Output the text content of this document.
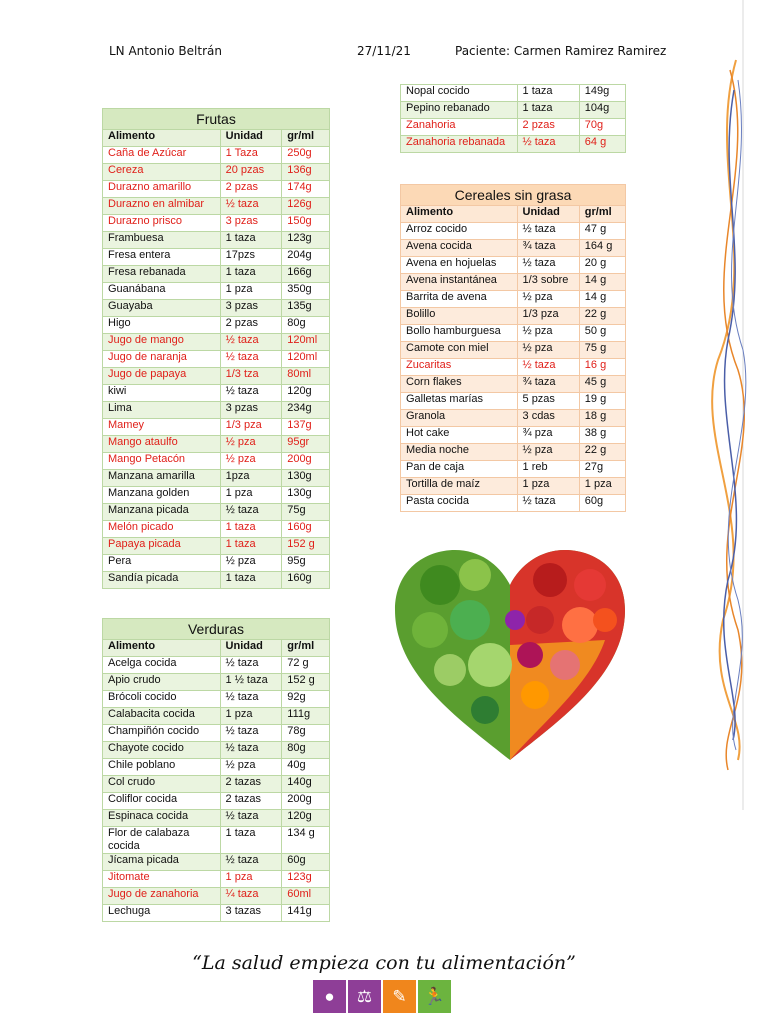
LN Antonio Beltrán	27/11/21	Paciente: Carmen Ramirez Ramirez
Frutas		
Alimento	Unidad	gr/ml
Caña de Azúcar	1 Taza	250g
Cereza	20 pzas	136g
Durazno amarillo	2 pzas	174g
Durazno en almibar	½ taza	126g
Durazno prisco	3 pzas	150g
Frambuesa	1 taza	123g
Fresa entera	17pzs	204g
Fresa rebanada	1 taza	166g
Guanábana	1 pza	350g
Guayaba	3 pzas	135g
Higo	2 pzas	80g
Jugo de mango	½ taza	120ml
Jugo de naranja	½ taza	120ml
Jugo de papaya	1/3 tza	80ml
kiwi	½ taza	120g
Lima	3 pzas	234g
Mamey	1/3 pza	137g
Mango ataulfo	½ pza	95gr
Mango Petacón	½ pza	200g
Manzana amarilla	1pza	130g
Manzana golden	1 pza	130g
Manzana picada	½ taza	75g
Melón picado	1 taza	160g
Papaya picada	1 taza	152 g
Pera	½ pza	95g
Sandía picada	1 taza	160g
Verduras		
Alimento	Unidad	gr/ml
Acelga cocida	½ taza	72 g
Apio crudo	1 ½ taza	152 g
Brócoli cocido	½ taza	92g
Calabacita cocida	1 pza	111g
Champiñón cocido	½ taza	78g
Chayote cocido	½ taza	80g
Chile poblano	½ pza	40g
Col crudo	2 tazas	140g
Coliflor cocida	2 tazas	200g
Espinaca cocida	½ taza	120g
Flor de calabaza cocida	1 taza	134 g
Jícama picada	½ taza	60g
Jitomate	1 pza	123g
Jugo de zanahoria	¼ taza	60ml
Lechuga	3 tazas	141g
Nopal cocido	1 taza	149g
Pepino rebanado	1 taza	104g
Zanahoria	2 pzas	70g
Zanahoria rebanada	½ taza	64 g
Cereales sin grasa		
Alimento	Unidad	gr/ml
Arroz cocido	½ taza	47 g
Avena cocida	¾ taza	164 g
Avena en hojuelas	½ taza	20 g
Avena instantánea	1/3 sobre	14 g
Barrita de avena	½ pza	14 g
Bolillo	1/3 pza	22 g
Bollo hamburguesa	½ pza	50 g
Camote con miel	½ pza	75 g
Zucaritas	½ taza	16 g
Corn flakes	¾ taza	45 g
Galletas marías	5 pzas	19 g
Granola	3 cdas	18 g
Hot cake	¾ pza	38 g
Media noche	½ pza	22 g
Pan de caja	1 reb	27g
Tortilla de maíz	1 pza	1 pza
Pasta cocida	½ taza	60g
“La salud empieza con tu alimentación”
●	⚖	✎	🏃
